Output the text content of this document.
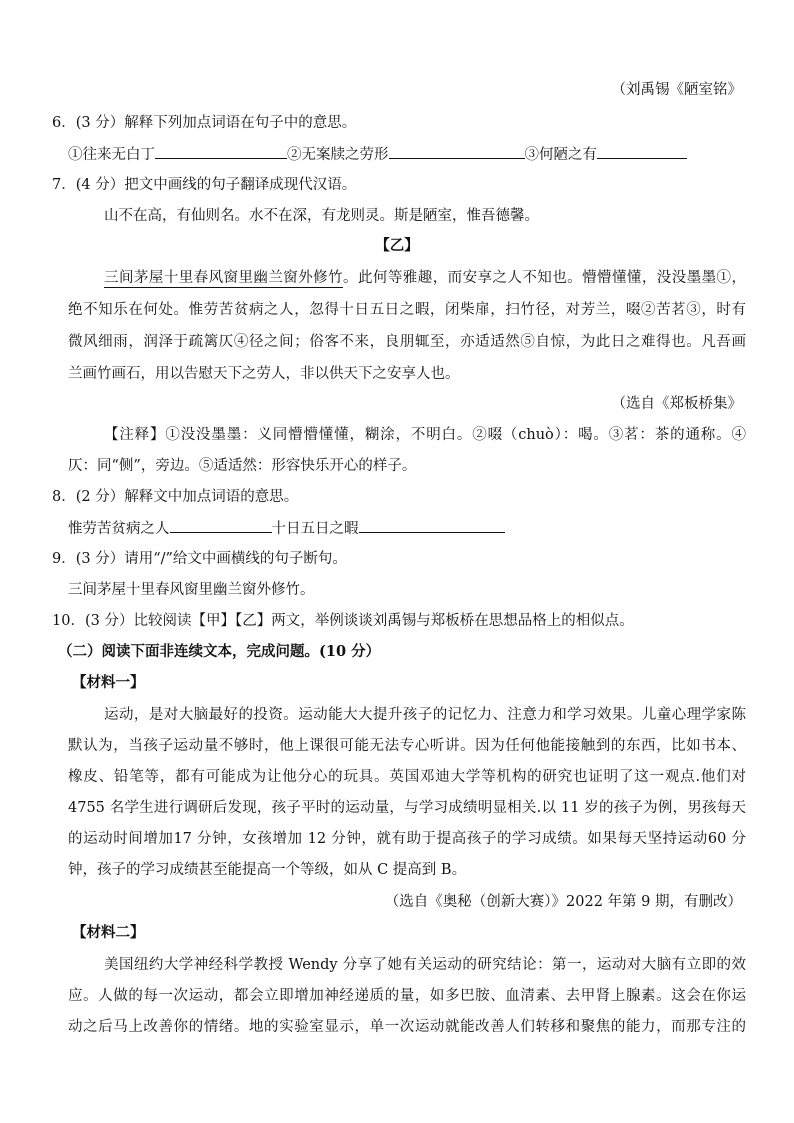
（刘禹锡《陋室铭》
6．(3 分）解释下列加点词语在句子中的意思。
①往来无白丁	②无案牍之劳形	③何陋之有
7．(4 分）把文中画线的句子翻译成现代汉语。
山不在高，有仙则名。水不在深，有龙则灵。斯是陋室，惟吾德馨。
【乙】
三间茅屋十里春风窗里幽兰窗外修竹。此何等雅趣，而安享之人不知也。懵懵懂懂，没没墨墨①，
绝不知乐在何处。惟劳苦贫病之人，忽得十日五日之暇，闭柴扉，扫竹径，对芳兰，啜②苦茗③，时有
微风细雨，润泽于疏篱仄④径之间；俗客不来，良朋辄至，亦适适然⑤自惊，为此日之难得也。凡吾画
兰画竹画石，用以告慰天下之劳人，非以供天下之安享人也。
（选自《郑板桥集》
【注释】①没没墨墨：义同懵懵懂懂，糊涂，不明白。②啜（chuò）：喝。③茗：茶的通称。④
仄：同“侧”，旁边。⑤适适然：形容快乐开心的样子。
8．(2 分）解释文中加点词语的意思。
惟劳苦贫病之人	十日五日之暇
9．(3 分）请用“/”给文中画横线的句子断句。
三间茅屋十里春风窗里幽兰窗外修竹。
10．(3 分）比较阅读【甲】【乙】两文，举例谈谈刘禹锡与郑板桥在思想品格上的相似点。
（二）阅读下面非连续文本，完成问题。(10 分）
【材料一】
运动，是对大脑最好的投资。运动能大大提升孩子的记忆力、注意力和学习效果。儿童心理学家陈
默认为，当孩子运动量不够时，他上课很可能无法专心听讲。因为任何他能接触到的东西，比如书本、
橡皮、铅笔等，都有可能成为让他分心的玩具。英国邓迪大学等机构的研究也证明了这一观点.他们对
4755 名学生进行调研后发现，孩子平时的运动量，与学习成绩明显相关.以 11 岁的孩子为例，男孩每天
的运动时间增加17 分钟，女孩增加 12 分钟，就有助于提高孩子的学习成绩。如果每天坚持运动60 分
钟，孩子的学习成绩甚至能提高一个等级，如从 C 提高到 B。
（选自《奥秘（创新大赛）》2022 年第 9 期，有删改）
【材料二】
美国纽约大学神经科学教授 Wendy 分享了她有关运动的研究结论：第一，运动对大脑有立即的效
应。人做的每一次运动，都会立即增加神经递质的量，如多巴胺、血清素、去甲肾上腺素。这会在你运
动之后马上改善你的情绪。地的实验室显示，单一次运动就能改善人们转移和聚焦的能力，而那专注的
